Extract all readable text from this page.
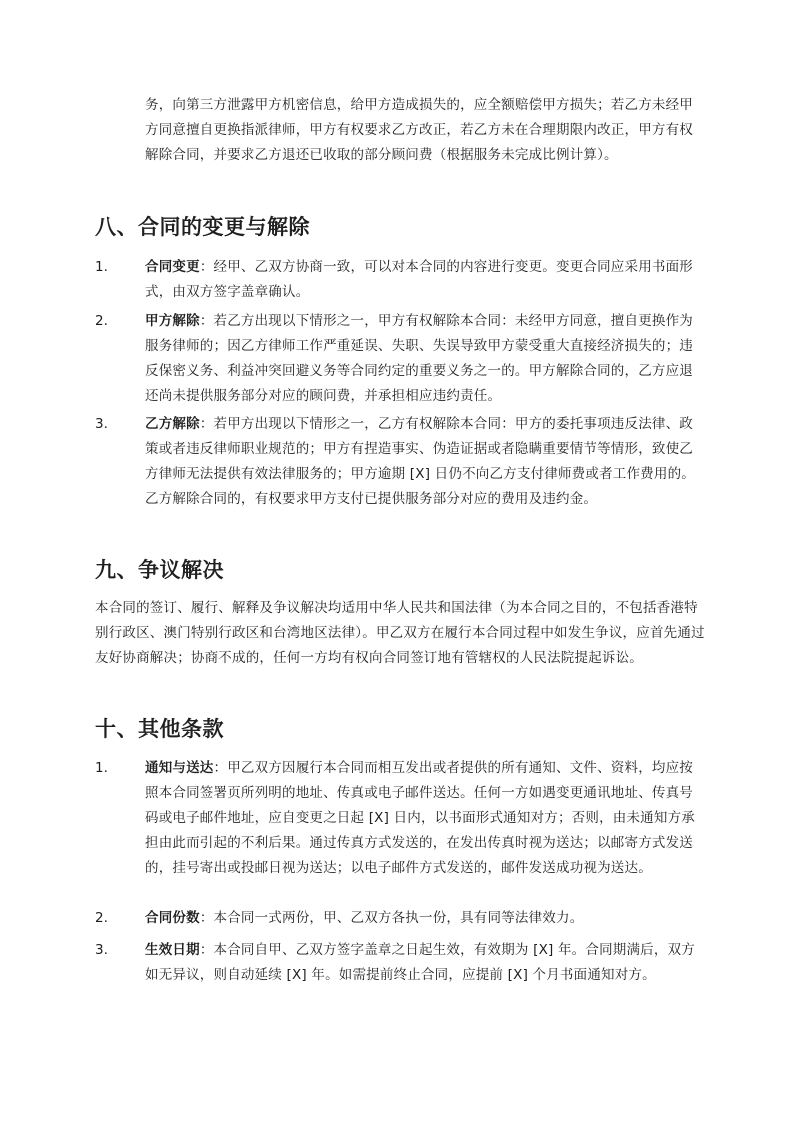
务，向第三方泄露甲方机密信息，给甲方造成损失的，应全额赔偿甲方损失；若乙方未经甲方同意擅自更换指派律师，甲方有权要求乙方改正，若乙方未在合理期限内改正，甲方有权解除合同，并要求乙方退还已收取的部分顾问费（根据服务未完成比例计算）。

八、合同的变更与解除
1.	合同变更：经甲、乙双方协商一致，可以对本合同的内容进行变更。变更合同应采用书面形式，由双方签字盖章确认。

2.	甲方解除：若乙方出现以下情形之一，甲方有权解除本合同：未经甲方同意，擅自更换作为服务律师的；因乙方律师工作严重延误、失职、失误导致甲方蒙受重大直接经济损失的；违反保密义务、利益冲突回避义务等合同约定的重要义务之一的。甲方解除合同的，乙方应退还尚未提供服务部分对应的顾问费，并承担相应违约责任。

3.	乙方解除：若甲方出现以下情形之一，乙方有权解除本合同：甲方的委托事项违反法律、政策或者违反律师职业规范的；甲方有捏造事实、伪造证据或者隐瞒重要情节等情形，致使乙方律师无法提供有效法律服务的；甲方逾期 [X] 日仍不向乙方支付律师费或者工作费用的。乙方解除合同的，有权要求甲方支付已提供服务部分对应的费用及违约金。

九、争议解决

本合同的签订、履行、解释及争议解决均适用中华人民共和国法律（为本合同之目的，不包括香港特别行政区、澳门特别行政区和台湾地区法律）。甲乙双方在履行本合同过程中如发生争议，应首先通过友好协商解决；协商不成的，任何一方均有权向合同签订地有管辖权的人民法院提起诉讼。

十、其他条款
1.	通知与送达：甲乙双方因履行本合同而相互发出或者提供的所有通知、文件、资料，均应按照本合同签署页所列明的地址、传真或电子邮件送达。任何一方如遇变更通讯地址、传真号码或电子邮件地址，应自变更之日起 [X] 日内，以书面形式通知对方；否则，由未通知方承担由此而引起的不利后果。通过传真方式发送的，在发出传真时视为送达；以邮寄方式发送的，挂号寄出或投邮日视为送达；以电子邮件方式发送的，邮件发送成功视为送达。

2.	合同份数：本合同一式两份，甲、乙双方各执一份，具有同等法律效力。

3.	生效日期：本合同自甲、乙双方签字盖章之日起生效，有效期为 [X] 年。合同期满后，双方如无异议，则自动延续 [X] 年。如需提前终止合同，应提前 [X] 个月书面通知对方。
